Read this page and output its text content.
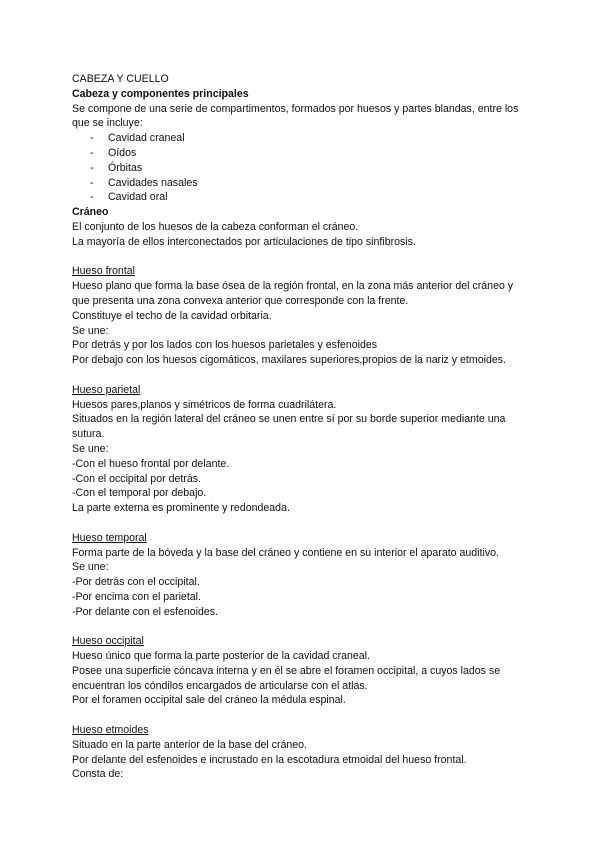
CABEZA Y CUELLO
Cabeza y componentes principales
Se compone de una serie de compartimentos, formados por huesos y partes blandas, entre los que se incluye:
- Cavidad craneal
- Oídos
- Órbitas
- Cavidades nasales
- Cavidad oral
Cráneo
El conjunto de los huesos de la cabeza conforman el cráneo.
La mayoría de ellos interconectados por articulaciones de tipo sinfibrosis.
Hueso frontal
Hueso plano que forma la base ósea de la región frontal, en la zona más anterior del cráneo y que presenta una zona convexa anterior que corresponde con la frente.
Constituye el techo de la cavidad orbitaria.
Se une:
Por detrás y por los lados con los huesos parietales y esfenoides
Por debajo con los huesos cigomáticos, maxilares superiores,propios de la nariz y etmoides.
Hueso parietal
Huesos pares,planos y simétricos de forma cuadrilátera.
Situados en la región lateral del cráneo se unen entre sí por su borde superior mediante una sutura.
Se une:
-Con el hueso frontal por delante.
-Con el occipital por detrás.
-Con el temporal por debajo.
La parte externa es prominente y redondeada.
Hueso temporal
Forma parte de la bóveda y la base del cráneo y contiene en su interior el aparato auditivo.
Se une:
-Por detrás con el occipital.
-Por encima con el parietal.
-Por delante con el esfenoides.
Hueso occipital
Hueso único que forma la parte posterior de la cavidad craneal.
Posee una superficie cóncava interna y en él se abre el foramen occipital, a cuyos lados se encuentran los cóndilos encargados de articularse con el atlas.
Por el foramen occipital sale del cráneo la médula espinal.
Hueso etmoides
Situado en la parte anterior de la base del cráneo.
Por delante del esfenoides e incrustado en la escotadura etmoidal del hueso frontal.
Consta de:
